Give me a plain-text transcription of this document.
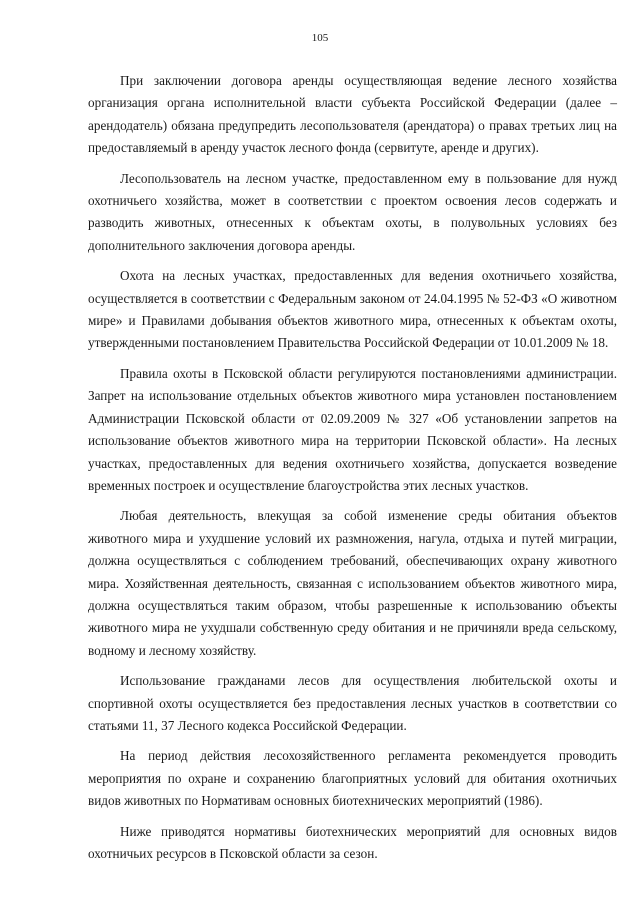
105

При заключении договора аренды осуществляющая ведение лесного хозяйства организация органа исполнительной власти субъекта Российской Федерации (далее – арендодатель) обязана предупредить лесопользователя (арендатора) о правах третьих лиц на предоставляемый в аренду участок лесного фонда (сервитуте, аренде и других).

Лесопользователь на лесном участке, предоставленном ему в пользование для нужд охотничьего хозяйства, может в соответствии с проектом освоения лесов содержать и разводить животных, отнесенных к объектам охоты, в полувольных условиях без дополнительного заключения договора аренды.

Охота на лесных участках, предоставленных для ведения охотничьего хозяйства, осуществляется в соответствии с Федеральным законом от 24.04.1995 № 52-ФЗ «О животном мире» и Правилами добывания объектов животного мира, отнесенных к объектам охоты, утвержденными постановлением Правительства Российской Федерации от 10.01.2009 № 18.

Правила охоты в Псковской области регулируются постановлениями администрации. Запрет на использование отдельных объектов животного мира установлен постановлением Администрации Псковской области от 02.09.2009 № 327 «Об установлении запретов на использование объектов животного мира на территории Псковской области». На лесных участках, предоставленных для ведения охотничьего хозяйства, допускается возведение временных построек и осуществление благоустройства этих лесных участков.

Любая деятельность, влекущая за собой изменение среды обитания объектов животного мира и ухудшение условий их размножения, нагула, отдыха и путей миграции, должна осуществляться с соблюдением требований, обеспечивающих охрану животного мира. Хозяйственная деятельность, связанная с использованием объектов животного мира, должна осуществляться таким образом, чтобы разрешенные к использованию объекты животного мира не ухудшали собственную среду обитания и не причиняли вреда сельскому, водному и лесному хозяйству.

Использование гражданами лесов для осуществления любительской охоты и спортивной охоты осуществляется без предоставления лесных участков в соответствии со статьями 11, 37 Лесного кодекса Российской Федерации.

На период действия лесохозяйственного регламента рекомендуется проводить мероприятия по охране и сохранению благоприятных условий для обитания охотничьих видов животных по Нормативам основных биотехнических мероприятий (1986).

Ниже приводятся нормативы биотехнических мероприятий для основных видов охотничьих ресурсов в Псковской области за сезон.
